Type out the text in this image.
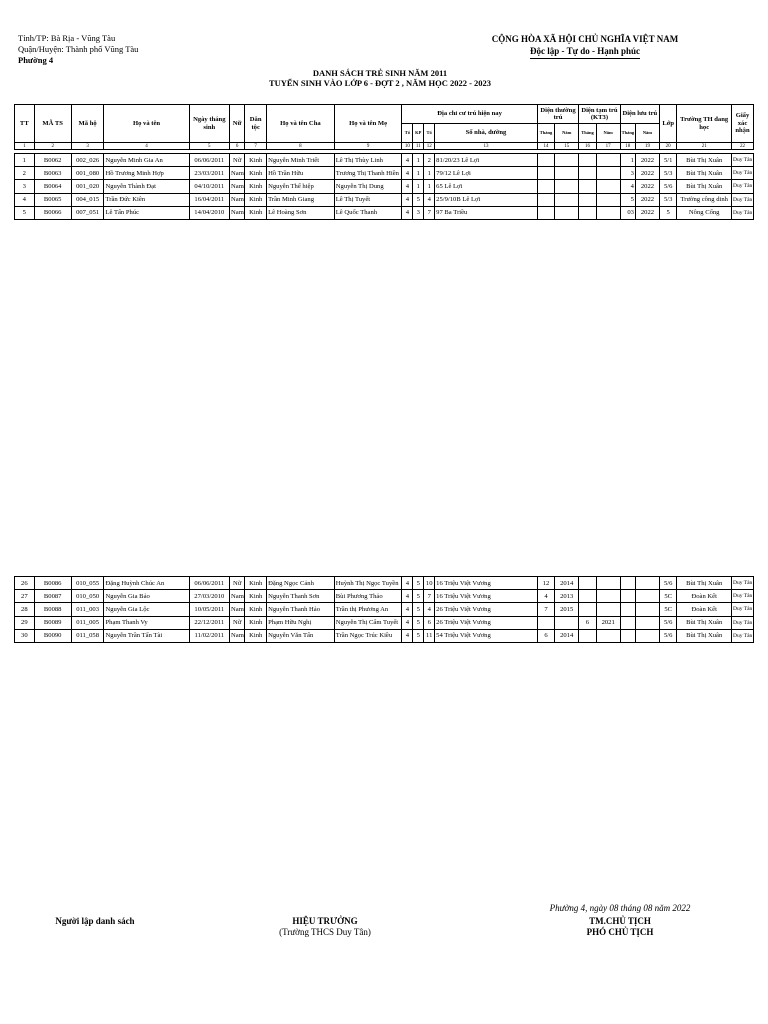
Tỉnh/TP: Bà Rịa - Vũng Tàu
Quận/Huyện: Thành phố Vũng Tàu
Phường 4
CỘNG HÒA XÃ HỘI CHỦ NGHĨA VIỆT NAM
Độc lập - Tự do - Hạnh phúc
DANH SÁCH TRẺ SINH NĂM 2011
TUYỂN SINH VÀO LỚP 6 - ĐỢT 2 , NĂM HỌC 2022 - 2023
TT	MÃ TS	Mã hộ	Họ và tên	Ngày tháng sinh	Nữ	Dân tộc	Họ và tên Cha	Họ và tên Mẹ	Địa chỉ cư trú hiện nay				Diện thường trú		Diện tạm trú (KT3)		Diện lưu trú		Lớp	Trường TH đang học	Giấy xác nhận
									Tổ	KP	Tổ	Số nhà, đường	Tháng	Năm	Tháng	Năm	Tháng	Năm			
1	2	3	4	5	6	7	8	9	10	11	12	13	14	15	16	17	18	19	20	21	22
1	B0062	002_026	Nguyễn Minh Gia An	06/06/2011	Nữ	Kinh	Nguyễn Minh Triết	Lê Thị Thùy Linh	4	1	2	81/20/23 Lê Lợi					1	2022	5/1	Bùi Thị Xuân	Duy Tân
2	B0063	001_080	Hồ Trương Minh Hợp	23/03/2011	Nam	Kinh	Hồ Trần Hữu	Trương Thị Thanh Hiền	4	1	1	79/12 Lê Lợi					3	2022	5/3	Bùi Thị Xuân	Duy Tân
3	B0064	001_020	Nguyễn Thành Đạt	04/10/2011	Nam	Kinh	Nguyễn Thế hiệp	Nguyễn Thị Dung	4	1	1	65 Lê Lợi					4	2022	5/6	Bùi Thị Xuân	Duy Tân
4	B0065	004_015	Trần Đức Kiên	16/04/2011	Nam	Kinh	Trần Minh Giang	Lê Thị Tuyết	4	5	4	25/9/10B Lê Lợi					5	2022	5/3	Trường công dinh	Duy Tân
5	B0066	007_051	Lê Tấn Phúc	14/04/2010	Nam	Kinh	Lê Hoàng Sơn	Lê Quốc Thanh	4	3	7	97 Ba Triều					03	2022	5	Nông Cống	Duy Tân
26	B0086	010_055	Đặng Huỳnh Chúc An	06/06/2011	Nữ	Kinh	Đặng Ngọc Cảnh	Huỳnh Thị Ngọc Tuyền	4	5	10	16 Triệu Việt Vương	12	2014					5/6	Bùi Thị Xuân	Duy Tân
27	B0087	010_050	Nguyễn Gia Bảo	27/03/2010	Nam	Kinh	Nguyễn Thanh Sơn	Bùi Phương Thảo	4	5	7	16 Triệu Việt Vương	4	2013					5C	Đoàn Kết	Duy Tân
28	B0088	011_003	Nguyễn Gia Lộc	10/05/2011	Nam	Kinh	Nguyễn Thanh Hảo	Trần thị Phương An	4	5	4	26 Triệu Việt Vương	7	2015					5C	Đoàn Kết	Duy Tân
29	B0089	011_005	Phạm Thanh Vy	22/12/2011	Nữ	Kinh	Phạm Hữu Nghị	Nguyễn Thị Cẩm Tuyết	4	5	6	26 Triệu Việt Vương			6	2021			5/6	Bùi Thị Xuân	Duy Tân
30	B0090	011_058	Nguyễn Trần Tấn Tài	11/02/2011	Nam	Kinh	Nguyễn Văn Tấn	Trần Ngọc Trúc Kiều	4	5	11	54 Triệu Việt Vương	6	2014					5/6	Bùi Thị Xuân	Duy Tân
Phường 4, ngày 08 tháng 08 năm 2022
Người lập danh sách	HIỆU TRƯỞNG
(Trường THCS Duy Tân)
TM.CHỦ TỊCH
PHÓ CHỦ TỊCH
